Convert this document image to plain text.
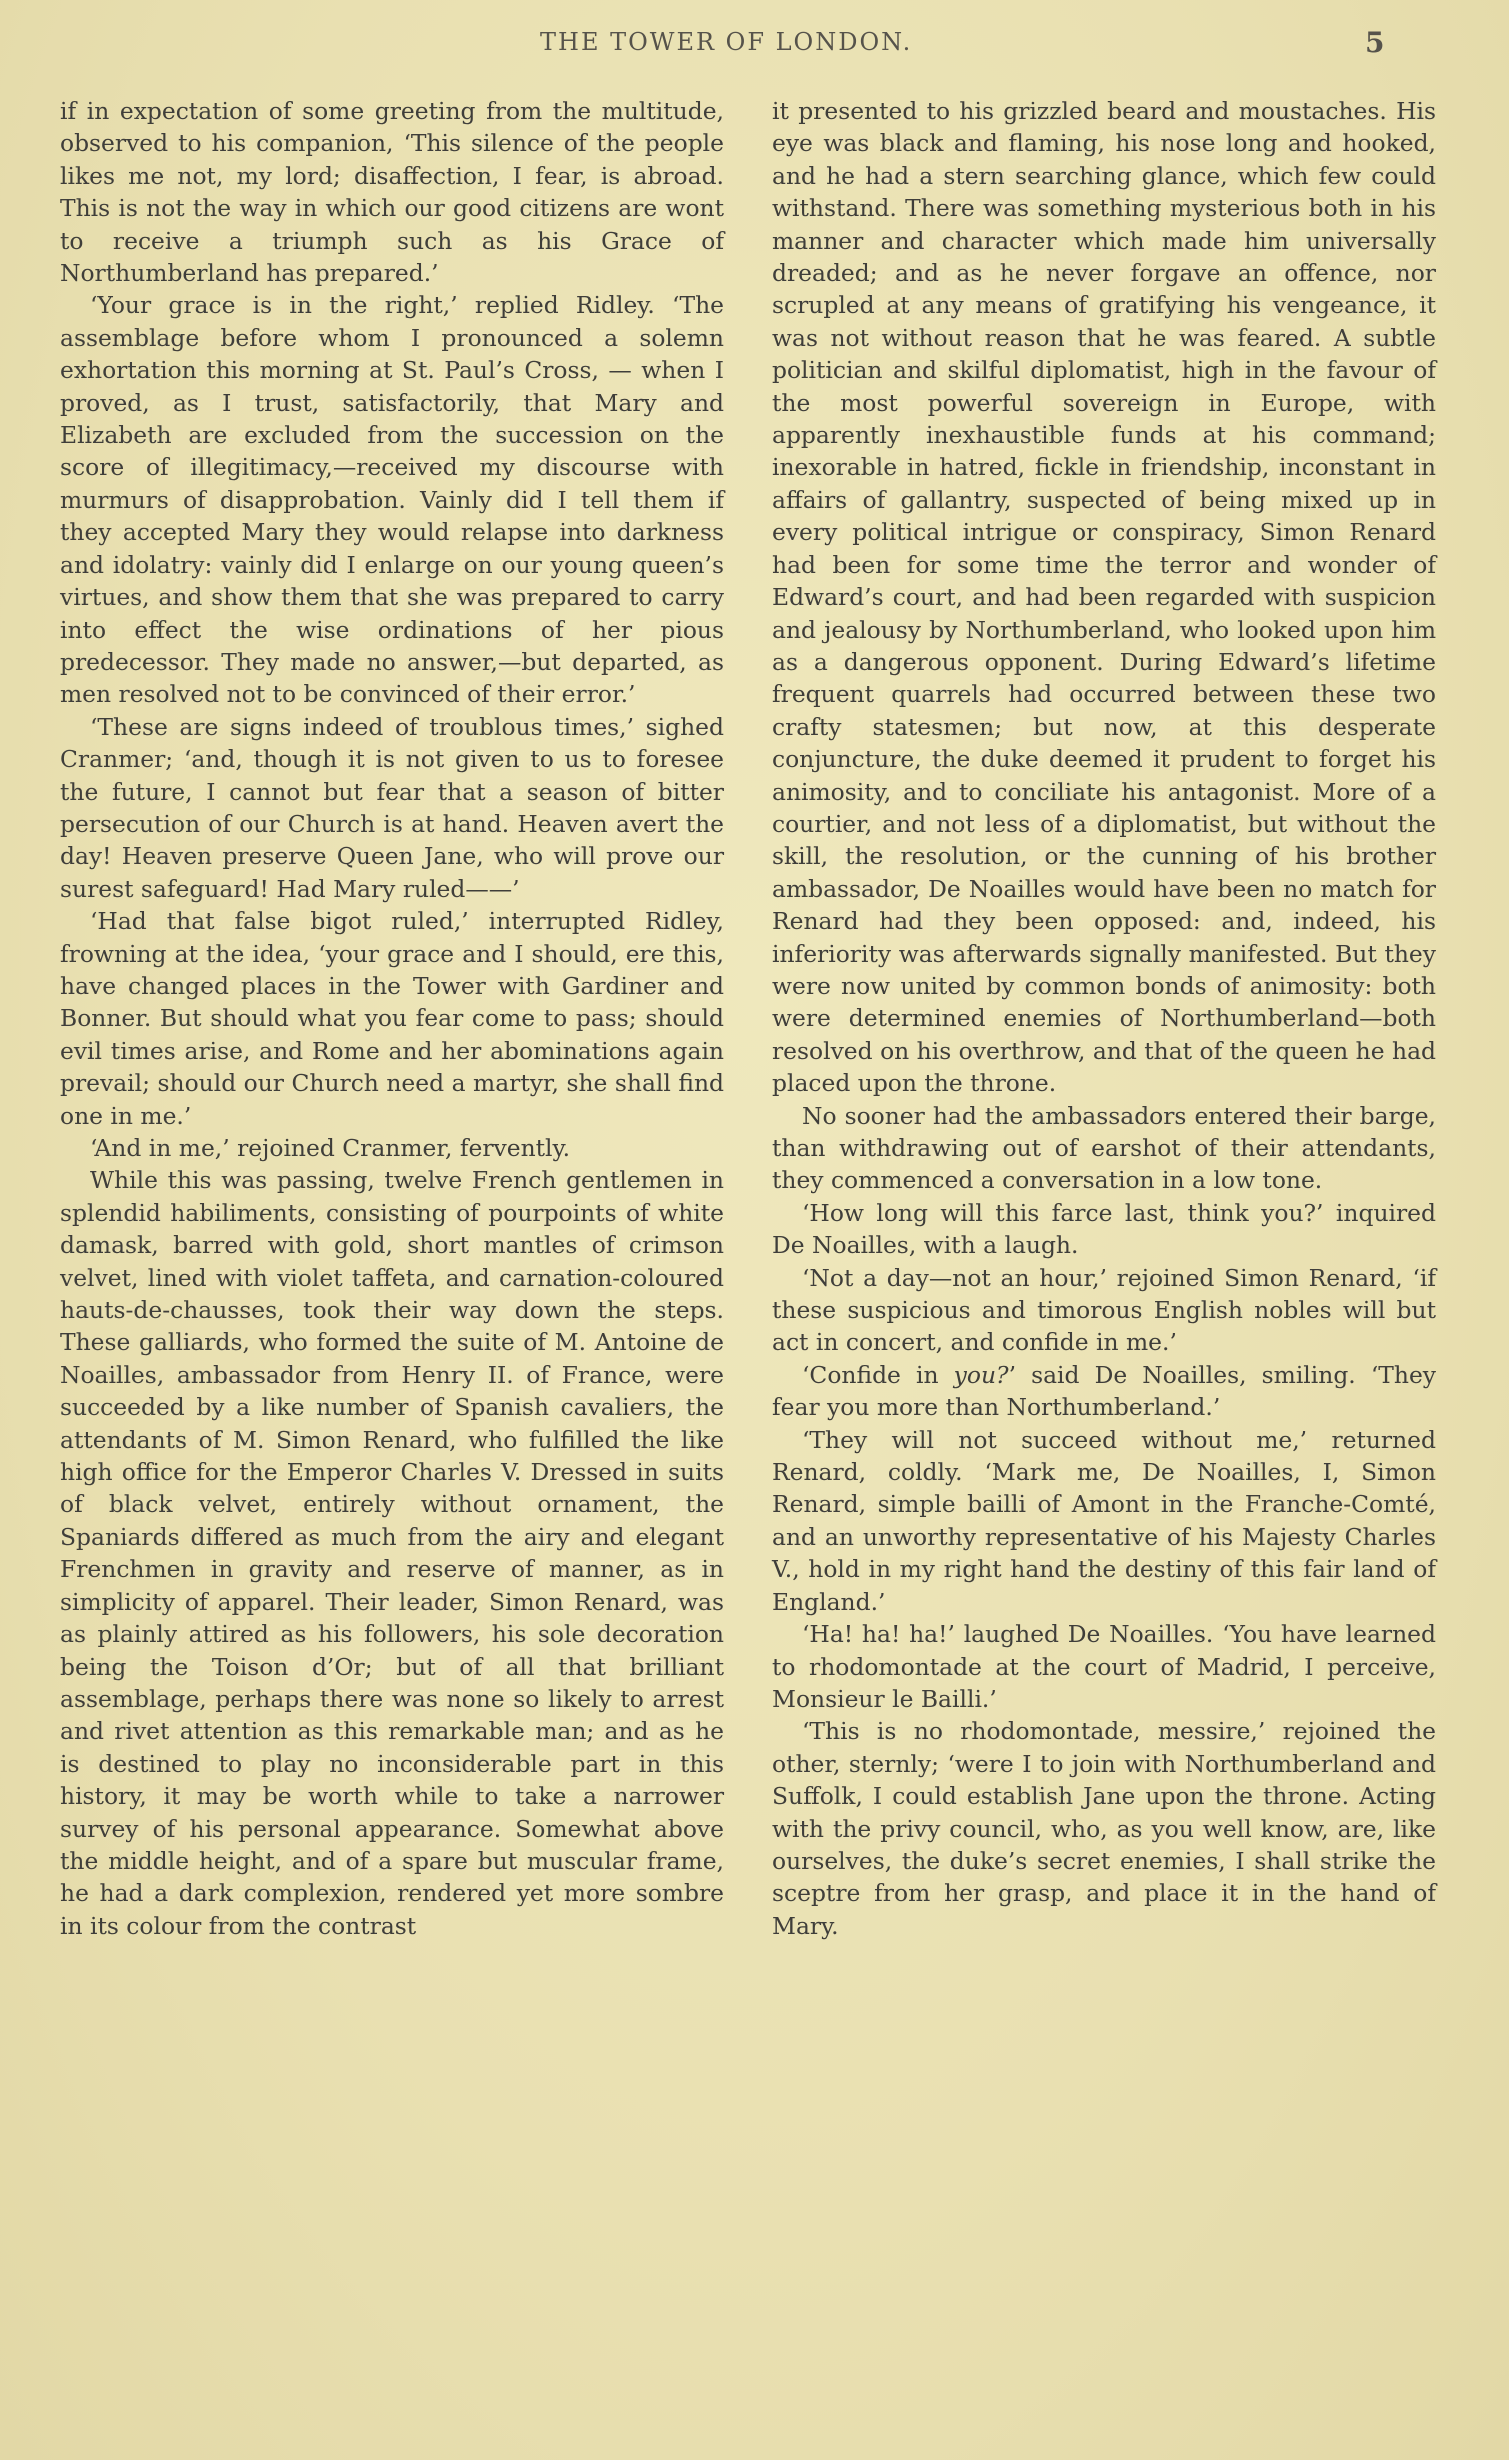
THE TOWER OF LONDON.	5

if in expectation of some greeting from the multitude, observed to his companion, ‘This silence of the people likes me not, my lord; disaffection, I fear, is abroad. This is not the way in which our good citizens are wont to receive a triumph such as his Grace of Northumberland has prepared.’

‘Your grace is in the right,’ replied Ridley. ‘The assemblage before whom I pronounced a solemn exhortation this morning at St. Paul’s Cross, — when I proved, as I trust, satisfactorily, that Mary and Elizabeth are excluded from the succession on the score of illegitimacy,—received my discourse with murmurs of disapprobation. Vainly did I tell them if they accepted Mary they would relapse into darkness and idolatry: vainly did I enlarge on our young queen’s virtues, and show them that she was prepared to carry into effect the wise ordinations of her pious predecessor. They made no answer,—but departed, as men resolved not to be convinced of their error.’

‘These are signs indeed of troublous times,’ sighed Cranmer; ‘and, though it is not given to us to foresee the future, I cannot but fear that a season of bitter persecution of our Church is at hand. Heaven avert the day! Heaven preserve Queen Jane, who will prove our surest safeguard! Had Mary ruled——’

‘Had that false bigot ruled,’ interrupted Ridley, frowning at the idea, ‘your grace and I should, ere this, have changed places in the Tower with Gardiner and Bonner. But should what you fear come to pass; should evil times arise, and Rome and her abominations again prevail; should our Church need a martyr, she shall find one in me.’

‘And in me,’ rejoined Cranmer, fervently.

While this was passing, twelve French gentlemen in splendid habiliments, consisting of pourpoints of white damask, barred with gold, short mantles of crimson velvet, lined with violet taffeta, and carnation-coloured hauts-de-chausses, took their way down the steps. These galliards, who formed the suite of M. Antoine de Noailles, ambassador from Henry II. of France, were succeeded by a like number of Spanish cavaliers, the attendants of M. Simon Renard, who fulfilled the like high office for the Emperor Charles V. Dressed in suits of black velvet, entirely without ornament, the Spaniards differed as much from the airy and elegant Frenchmen in gravity and reserve of manner, as in simplicity of apparel. Their leader, Simon Renard, was as plainly attired as his followers, his sole decoration being the Toison d’Or; but of all that brilliant assemblage, perhaps there was none so likely to arrest and rivet attention as this remarkable man; and as he is destined to play no inconsiderable part in this history, it may be worth while to take a narrower survey of his personal appearance. Somewhat above the middle height, and of a spare but muscular frame, he had a dark complexion, rendered yet more sombre in its colour from the contrast

it presented to his grizzled beard and moustaches. His eye was black and flaming, his nose long and hooked, and he had a stern searching glance, which few could withstand. There was something mysterious both in his manner and character which made him universally dreaded; and as he never forgave an offence, nor scrupled at any means of gratifying his vengeance, it was not without reason that he was feared. A subtle politician and skilful diplomatist, high in the favour of the most powerful sovereign in Europe, with apparently inexhaustible funds at his command; inexorable in hatred, fickle in friendship, inconstant in affairs of gallantry, suspected of being mixed up in every political intrigue or conspiracy, Simon Renard had been for some time the terror and wonder of Edward’s court, and had been regarded with suspicion and jealousy by Northumberland, who looked upon him as a dangerous opponent. During Edward’s lifetime frequent quarrels had occurred between these two crafty statesmen; but now, at this desperate conjuncture, the duke deemed it prudent to forget his animosity, and to conciliate his antagonist. More of a courtier, and not less of a diplomatist, but without the skill, the resolution, or the cunning of his brother ambassador, De Noailles would have been no match for Renard had they been opposed: and, indeed, his inferiority was afterwards signally manifested. But they were now united by common bonds of animosity: both were determined enemies of Northumberland—both resolved on his overthrow, and that of the queen he had placed upon the throne.

No sooner had the ambassadors entered their barge, than withdrawing out of earshot of their attendants, they commenced a conversation in a low tone.

‘How long will this farce last, think you?’ inquired De Noailles, with a laugh.

‘Not a day—not an hour,’ rejoined Simon Renard, ‘if these suspicious and timorous English nobles will but act in concert, and confide in me.’

‘Confide in you?’ said De Noailles, smiling. ‘They fear you more than Northumberland.’

‘They will not succeed without me,’ returned Renard, coldly. ‘Mark me, De Noailles, I, Simon Renard, simple bailli of Amont in the Franche-Comté, and an unworthy representative of his Majesty Charles V., hold in my right hand the destiny of this fair land of England.’

‘Ha! ha! ha!’ laughed De Noailles. ‘You have learned to rhodomontade at the court of Madrid, I perceive, Monsieur le Bailli.’

‘This is no rhodomontade, messire,’ rejoined the other, sternly; ‘were I to join with Northumberland and Suffolk, I could establish Jane upon the throne. Acting with the privy council, who, as you well know, are, like ourselves, the duke’s secret enemies, I shall strike the sceptre from her grasp, and place it in the hand of Mary.
